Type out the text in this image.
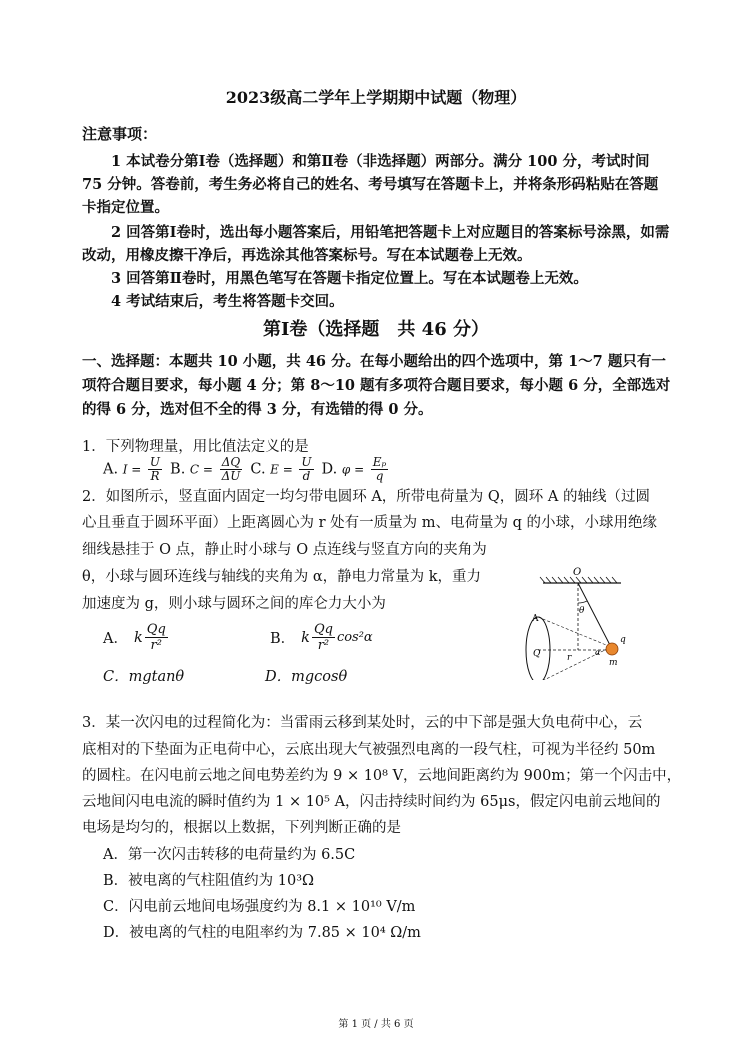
2023级高二学年上学期期中试题（物理）
注意事项：
1 本试卷分第Ⅰ卷（选择题）和第Ⅱ卷（非选择题）两部分。满分 100 分，考试时间 75 分钟。答卷前，考生务必将自己的姓名、考号填写在答题卡上，并将条形码粘贴在答题卡指定位置。
2 回答第Ⅰ卷时，选出每小题答案后，用铅笔把答题卡上对应题目的答案标号涂黑，如需改动，用橡皮擦干净后，再选涂其他答案标号。写在本试题卷上无效。
3 回答第Ⅱ卷时，用黑色笔写在答题卡指定位置上。写在本试题卷上无效。
4 考试结束后，考生将答题卡交回。
第Ⅰ卷（选择题　共 46 分）
一、选择题：本题共 10 小题，共 46 分。在每小题给出的四个选项中，第 1～7 题只有一项符合题目要求，每小题 4 分；第 8～10 题有多项符合题目要求，每小题 6 分，全部选对的得 6 分，选对但不全的得 3 分，有选错的得 0 分。
1．下列物理量，用比值法定义的是
A. $I = \frac{U}{R} B$. $C = \frac{\Delta Q}{\Delta U} C$. $E = \frac{U}{d} D$. $\varphi = \frac{\text{Eₚ}}{q}$
2．如图所示，竖直面内固定一均匀带电圆环 A，所带电荷量为 Q，圆环 A 的轴线（过圆
心且垂直于圆环平面）上距离圆心为 r 处有一质量为 m、电荷量为 q 的小球，小球用绝缘
细线悬挂于 O 点，静止时小球与 O 点连线与竖直方向的夹角为
θ，小球与圆环连线与轴线的夹角为 α，静电力常量为 k，重力
加速度为 g，则小球与圆环之间的库仑力大小为
A． k $\frac{Qq}{\text{r²}}$	B． k $\frac{Qq}{\text{r²}} \cos^2\alpha$
C．mgtanθ	D．mgcosθ
O
θ
A
Q	r
α
q
m
3．某一次闪电的过程简化为：当雷雨云移到某处时，云的中下部是强大负电荷中心，云
底相对的下垫面为正电荷中心，云底出现大气被强烈电离的一段气柱，可视为半径约 50m
的圆柱。在闪电前云地之间电势差约为 9 × 10⁸ V，云地间距离约为 900m；第一个闪击中，
云地间闪电电流的瞬时值约为 1 × 10⁵ A，闪击持续时间约为 65μs，假定闪电前云地间的
电场是均匀的，根据以上数据，下列判断正确的是
A．第一次闪击转移的电荷量约为 6.5C
B．被电离的气柱阻值约为 10³Ω
C．闪电前云地间电场强度约为 8.1 × 10¹⁰ V/m
D．被电离的气柱的电阻率约为 7.85 × 10⁴ Ω/m
第 1 页 / 共 6 页
